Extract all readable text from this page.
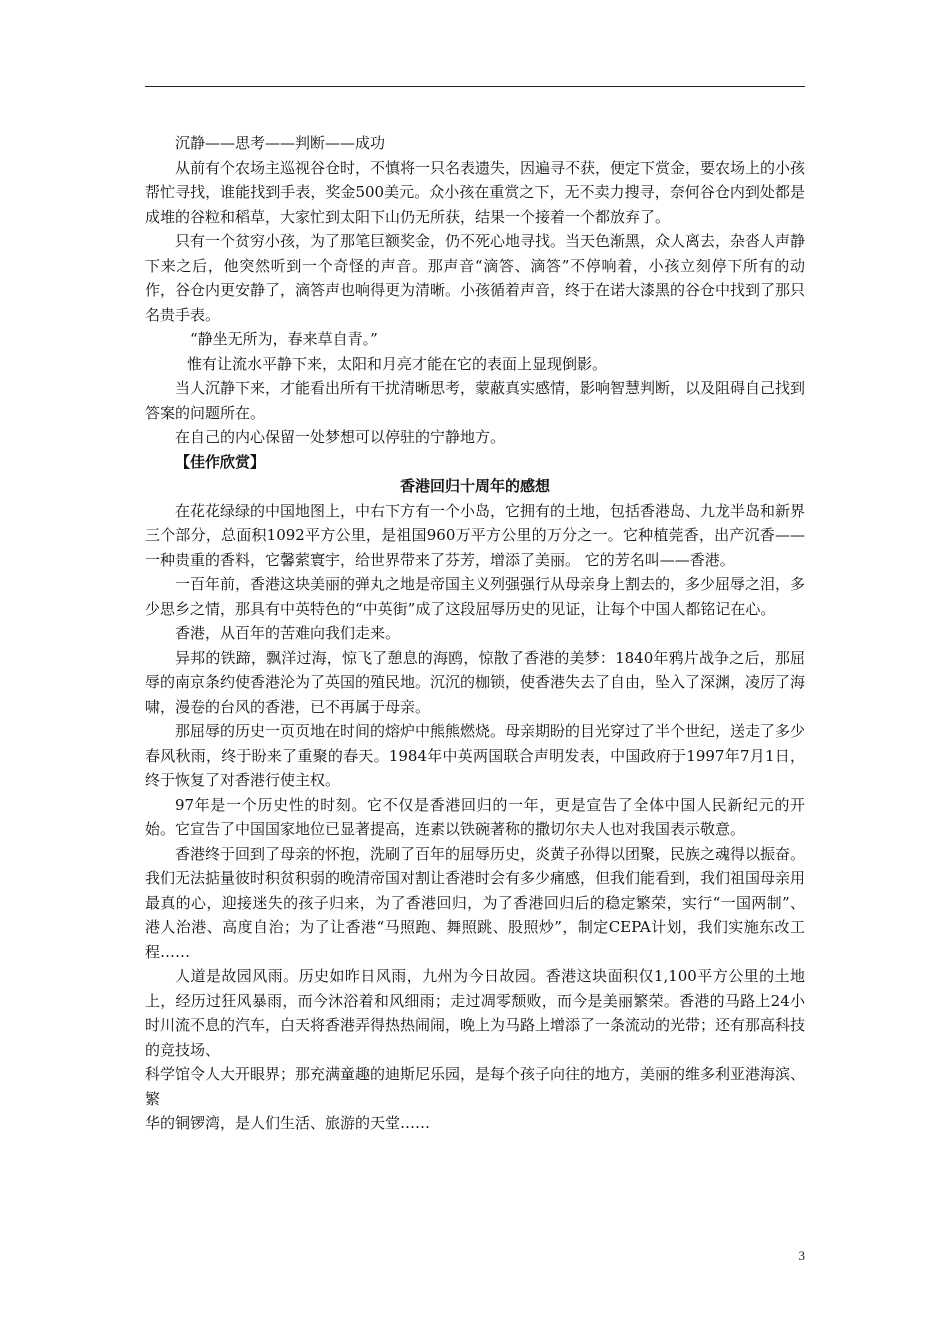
沉静——思考——判断——成功

从前有个农场主巡视谷仓时，不慎将一只名表遗失，因遍寻不获，便定下赏金，要农场上的小孩帮忙寻找，谁能找到手表，奖金500美元。众小孩在重赏之下，无不卖力搜寻，奈何谷仓内到处都是成堆的谷粒和稻草，大家忙到太阳下山仍无所获，结果一个接着一个都放弃了。

只有一个贫穷小孩，为了那笔巨额奖金，仍不死心地寻找。当天色渐黑，众人离去，杂沓人声静下来之后，他突然听到一个奇怪的声音。那声音“滴答、滴答”不停响着，小孩立刻停下所有的动作，谷仓内更安静了，滴答声也响得更为清晰。小孩循着声音，终于在诺大漆黑的谷仓中找到了那只名贵手表。

“静坐无所为，春来草自青。”

惟有让流水平静下来，太阳和月亮才能在它的表面上显现倒影。

当人沉静下来，才能看出所有干扰清晰思考，蒙蔽真实感情，影响智慧判断，以及阻碍自己找到答案的问题所在。

在自己的内心保留一处梦想可以停驻的宁静地方。

【佳作欣赏】

香港回归十周年的感想

在花花绿绿的中国地图上，中右下方有一个小岛，它拥有的土地，包括香港岛、九龙半岛和新界三个部分，总面积1092平方公里，是祖国960万平方公里的万分之一。它种植莞香，出产沉香——一种贵重的香料，它馨萦寰宇，给世界带来了芬芳，增添了美丽。 它的芳名叫——香港。

一百年前，香港这块美丽的弹丸之地是帝国主义列强强行从母亲身上割去的，多少屈辱之泪，多少思乡之情，那具有中英特色的“中英街”成了这段屈辱历史的见证，让每个中国人都铭记在心。

香港，从百年的苦难向我们走来。

异邦的铁蹄，飘洋过海，惊飞了憩息的海鸥，惊散了香港的美梦：1840年鸦片战争之后，那屈辱的南京条约使香港沦为了英国的殖民地。沉沉的枷锁，使香港失去了自由，坠入了深渊，凌厉了海啸，漫卷的台风的香港，已不再属于母亲。

那屈辱的历史一页页地在时间的熔炉中熊熊燃烧。母亲期盼的目光穿过了半个世纪，送走了多少春风秋雨，终于盼来了重聚的春天。1984年中英两国联合声明发表，中国政府于1997年7月1日，终于恢复了对香港行使主权。

97年是一个历史性的时刻。它不仅是香港回归的一年，更是宣告了全体中国人民新纪元的开始。它宣告了中国国家地位已显著提高，连素以铁碗著称的撒切尔夫人也对我国表示敬意。

香港终于回到了母亲的怀抱，洗刷了百年的屈辱历史，炎黄子孙得以团聚，民族之魂得以振奋。我们无法掂量彼时积贫积弱的晚清帝国对割让香港时会有多少痛感，但我们能看到，我们祖国母亲用最真的心，迎接迷失的孩子归来，为了香港回归，为了香港回归后的稳定繁荣，实行“一国两制”、港人治港、高度自治；为了让香港“马照跑、舞照跳、股照炒”，制定CEPA计划，我们实施东改工程……

人道是故园风雨。历史如昨日风雨，九州为今日故园。香港这块面积仅1,100平方公里的土地上，经历过狂风暴雨，而今沐浴着和风细雨；走过凋零颓败，而今是美丽繁荣。香港的马路上24小时川流不息的汽车，白天将香港弄得热热闹闹，晚上为马路上增添了一条流动的光带；还有那高科技的竞技场、

科学馆令人大开眼界；那充满童趣的迪斯尼乐园，是每个孩子向往的地方，美丽的维多利亚港海滨、繁

华的铜锣湾，是人们生活、旅游的天堂……

3
